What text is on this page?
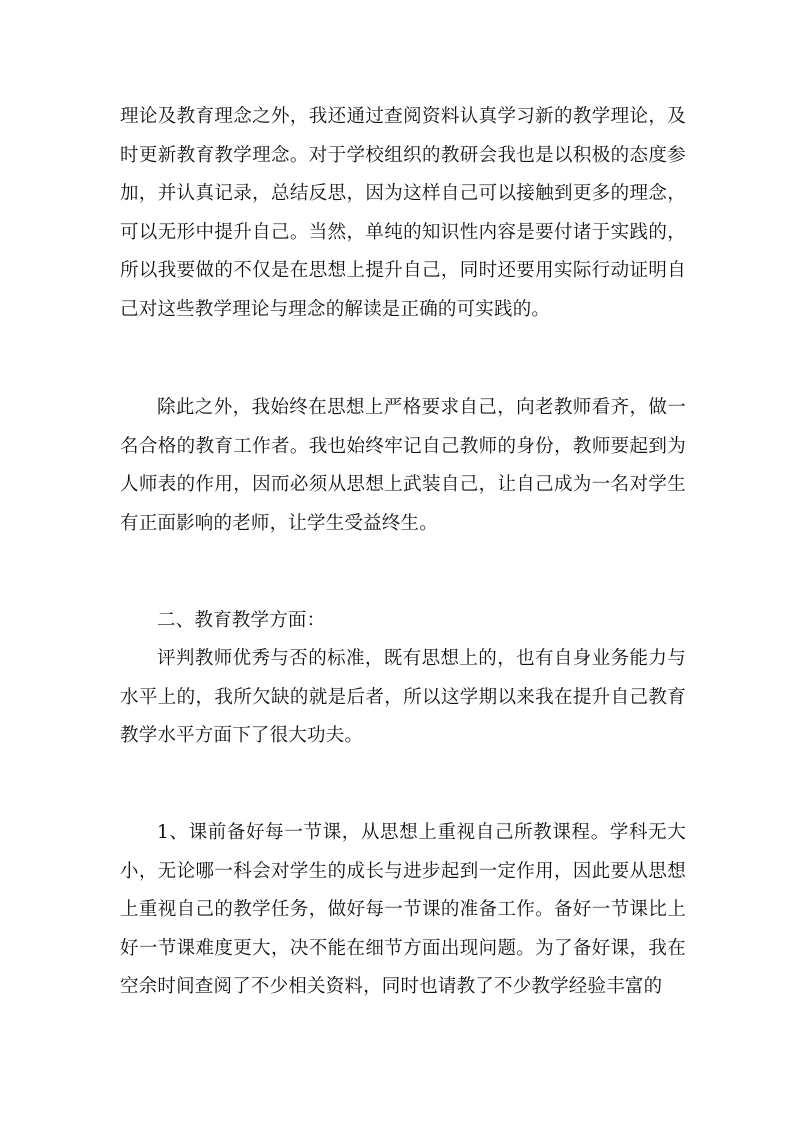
理论及教育理念之外，我还通过查阅资料认真学习新的教学理论，及时更新教育教学理念。对于学校组织的教研会我也是以积极的态度参加，并认真记录，总结反思，因为这样自己可以接触到更多的理念，可以无形中提升自己。当然，单纯的知识性内容是要付诸于实践的，所以我要做的不仅是在思想上提升自己，同时还要用实际行动证明自己对这些教学理论与理念的解读是正确的可实践的。

除此之外，我始终在思想上严格要求自己，向老教师看齐，做一名合格的教育工作者。我也始终牢记自己教师的身份，教师要起到为人师表的作用，因而必须从思想上武装自己，让自己成为一名对学生有正面影响的老师，让学生受益终生。

二、教育教学方面：

评判教师优秀与否的标准，既有思想上的，也有自身业务能力与水平上的，我所欠缺的就是后者，所以这学期以来我在提升自己教育教学水平方面下了很大功夫。

1、课前备好每一节课，从思想上重视自己所教课程。学科无大小，无论哪一科会对学生的成长与进步起到一定作用，因此要从思想上重视自己的教学任务，做好每一节课的准备工作。备好一节课比上好一节课难度更大，决不能在细节方面出现问题。为了备好课，我在空余时间查阅了不少相关资料，同时也请教了不少教学经验丰富的
